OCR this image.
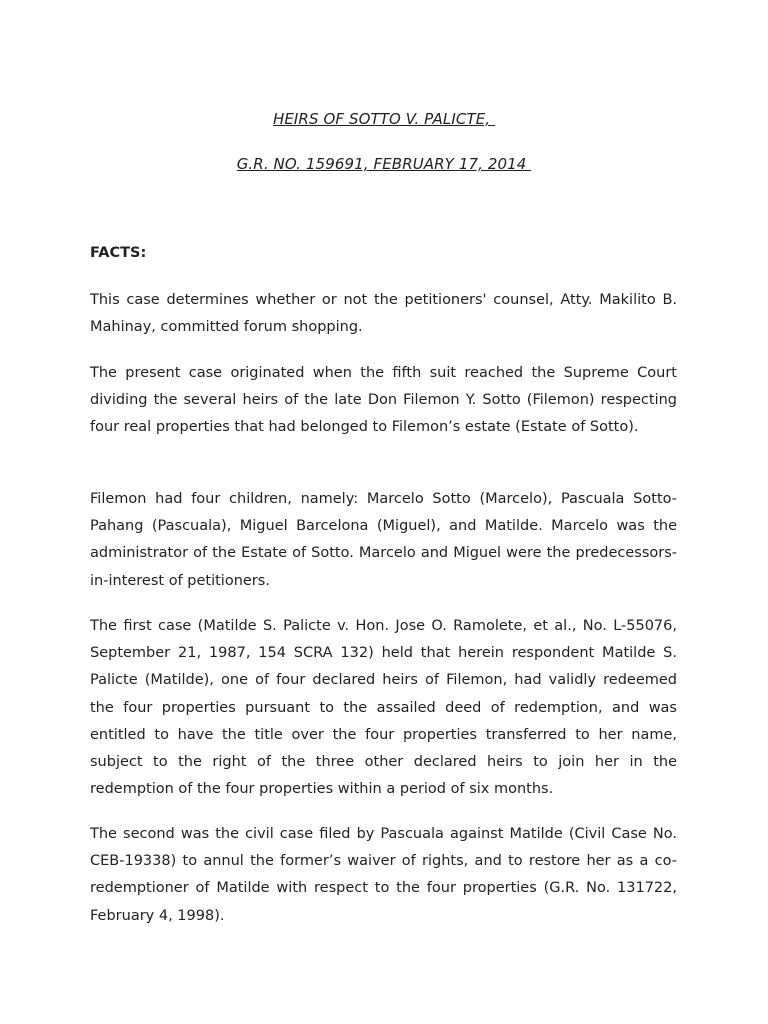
HEIRS OF SOTTO V. PALICTE,
G.R. NO. 159691, FEBRUARY 17, 2014
FACTS:

This case determines whether or not the petitioners' counsel, Atty. Makilito B. Mahinay, committed forum shopping.

The present case originated when the fifth suit reached the Supreme Court dividing the several heirs of the late Don Filemon Y. Sotto (Filemon) respecting four real properties that had belonged to Filemon’s estate (Estate of Sotto).

Filemon had four children, namely: Marcelo Sotto (Marcelo), Pascuala Sotto-Pahang (Pascuala), Miguel Barcelona (Miguel), and Matilde. Marcelo was the administrator of the Estate of Sotto. Marcelo and Miguel were the predecessors-in-interest of petitioners.

The first case (Matilde S. Palicte v. Hon. Jose O. Ramolete, et al., No. L-55076, September 21, 1987, 154 SCRA 132) held that herein respondent Matilde S. Palicte (Matilde), one of four declared heirs of Filemon, had validly redeemed the four properties pursuant to the assailed deed of redemption, and was entitled to have the title over the four properties transferred to her name, subject to the right of the three other declared heirs to join her in the redemption of the four properties within a period of six months.

The second was the civil case filed by Pascuala against Matilde (Civil Case No. CEB-19338) to annul the former’s waiver of rights, and to restore her as a co-redemptioner of Matilde with respect to the four properties (G.R. No. 131722, February 4, 1998).
